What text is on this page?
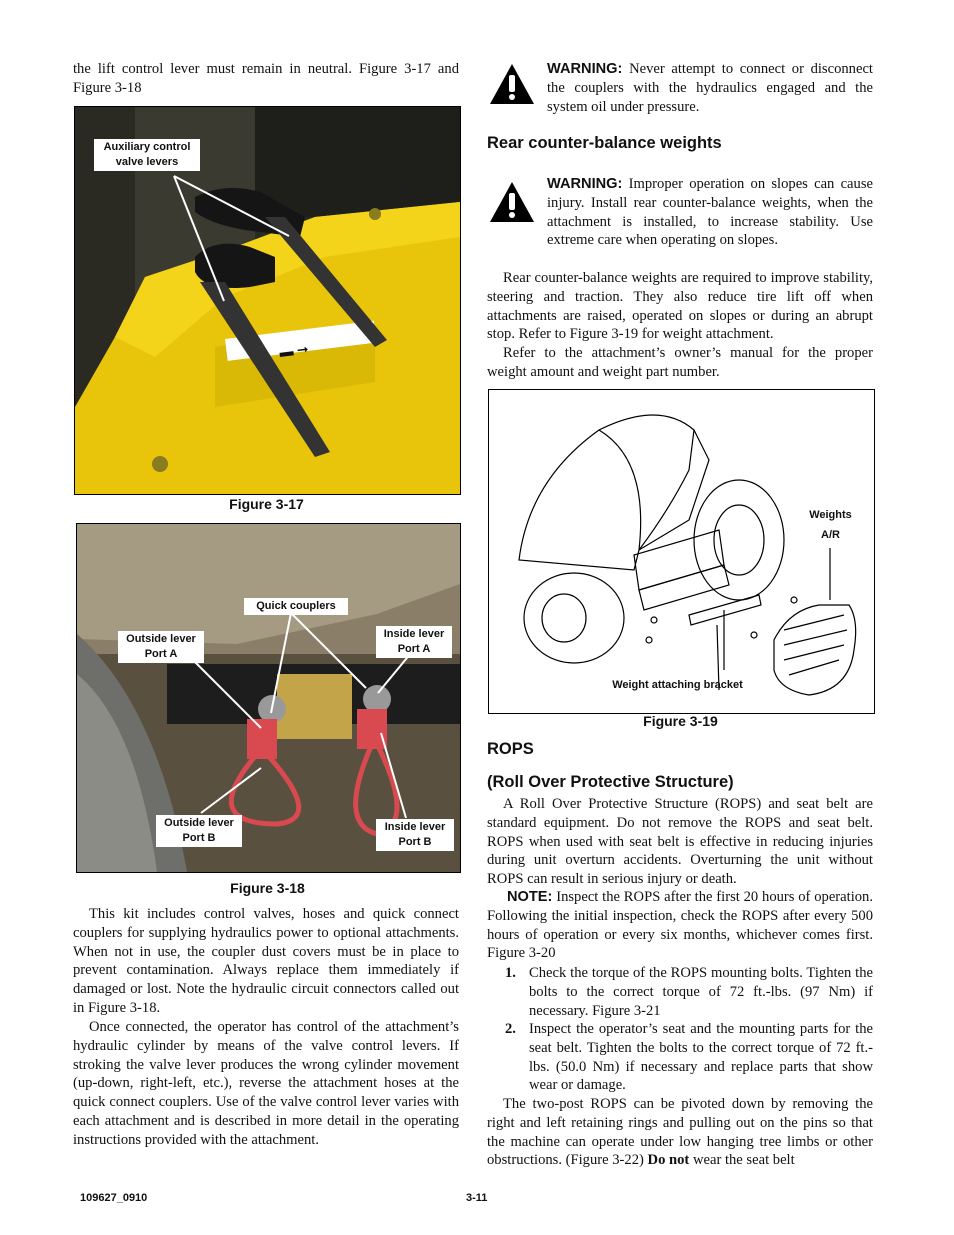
the lift control lever must remain in neutral. Figure 3-17 and Figure 3-18
▬ ➞
Auxiliary control valve levers
Figure 3-17
Quick couplers
Outside lever Port A
Inside lever Port A
Outside lever Port B
Inside lever Port B
Figure 3-18
This kit includes control valves, hoses and quick connect couplers for supplying hydraulics power to optional attachments. When not in use, the coupler dust covers must be in place to prevent contamination. Always replace them immediately if damaged or lost. Note the hydraulic circuit connectors called out in Figure 3-18.
Once connected, the operator has control of the attachment’s hydraulic cylinder by means of the valve control levers. If stroking the valve lever produces the wrong cylinder movement (up-down, right-left, etc.), reverse the attachment hoses at the quick connect couplers. Use of the valve control lever varies with each attachment and is described in more detail in the operating instructions provided with the attachment.
WARNING: Never attempt to connect or disconnect the couplers with the hydraulics engaged and the system oil under pressure.
Rear counter-balance weights
WARNING: Improper operation on slopes can cause injury. Install rear counter-balance weights, when the attachment is installed, to increase stability. Use extreme care when operating on slopes.
Rear counter-balance weights are required to improve stability, steering and traction. They also reduce tire lift off when attachments are raised, operated on slopes or during an abrupt stop. Refer to Figure 3-19 for weight attachment.
Refer to the attachment’s owner’s manual for the proper weight amount and weight part number.
Weights
A/R
Weight attaching bracket
Figure 3-19
ROPS
(Roll Over Protective Structure)
A Roll Over Protective Structure (ROPS) and seat belt are standard equipment. Do not remove the ROPS and seat belt. ROPS when used with seat belt is effective in reducing injuries during unit overturn accidents. Overturning the unit without ROPS can result in serious injury or death.
NOTE: Inspect the ROPS after the first 20 hours of operation. Following the initial inspection, check the ROPS after every 500 hours of operation or every six months, whichever comes first. Figure 3-20
1. Check the torque of the ROPS mounting bolts. Tighten the bolts to the correct torque of 72 ft.-lbs. (97 Nm) if necessary. Figure 3-21
2. Inspect the operator’s seat and the mounting parts for the seat belt. Tighten the bolts to the correct torque of 72 ft.-lbs. (50.0 Nm) if necessary and replace parts that show wear or damage.
The two-post ROPS can be pivoted down by removing the right and left retaining rings and pulling out on the pins so that the machine can operate under low hanging tree limbs or other obstructions. (Figure 3-22) Do not wear the seat belt
109627_0910	3-11
